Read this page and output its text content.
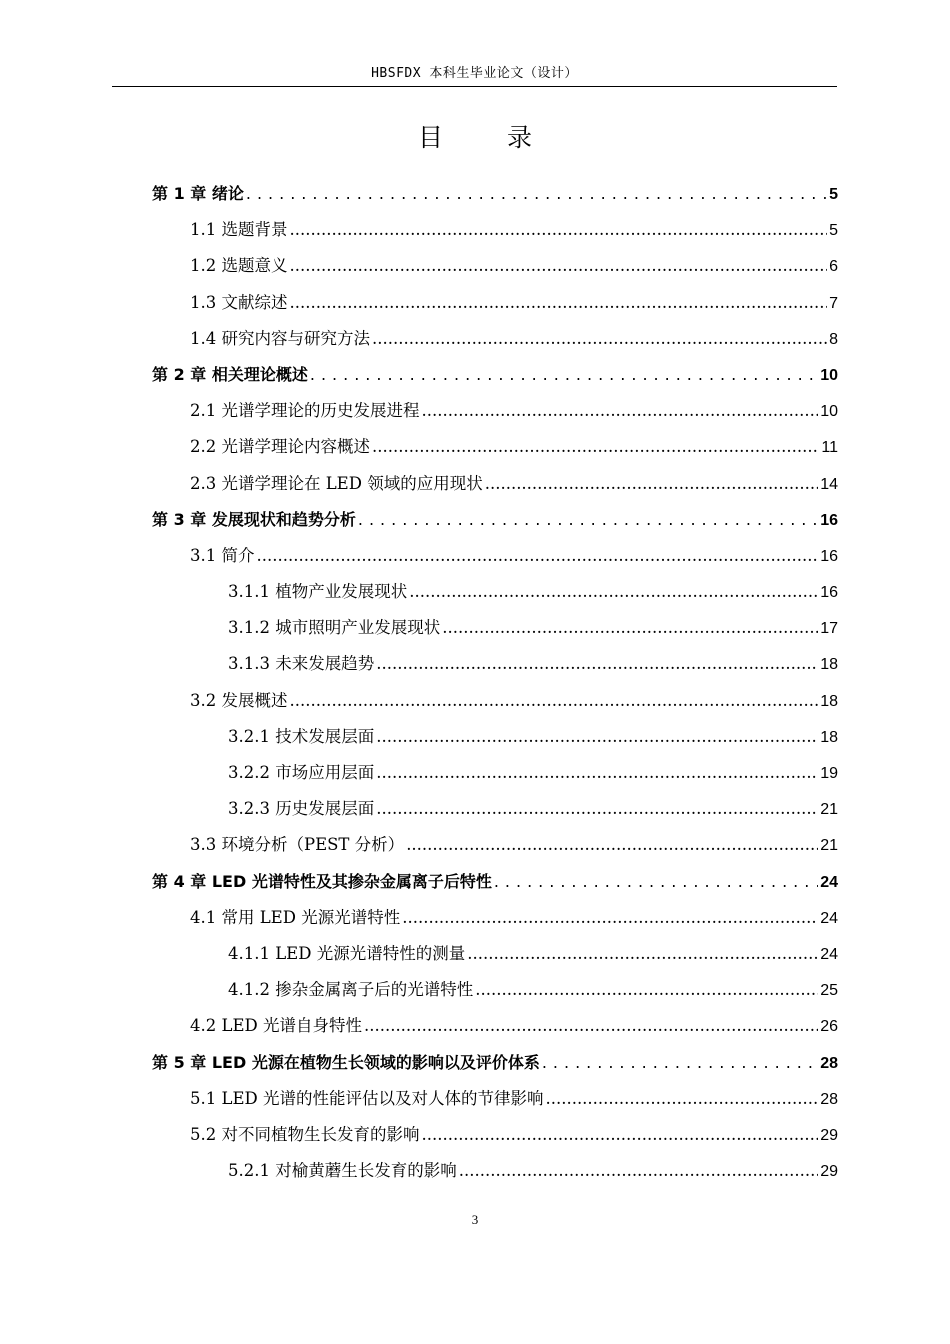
HBSFDX 本科生毕业论文（设计）
目 录
第 1 章 绪论 .....	5
1.1 选题背景 .....	5
1.2 选题意义 .....	6
1.3 文献综述 .....	7
1.4 研究内容与研究方法 .....	8
第 2 章 相关理论概述 .....	10
2.1 光谱学理论的历史发展进程 .....	10
2.2 光谱学理论内容概述 .....	11
2.3 光谱学理论在 LED 领域的应用现状 .....	14
第 3 章 发展现状和趋势分析 .....	16
3.1 简介 .....	16
3.1.1 植物产业发展现状 .....	16
3.1.2 城市照明产业发展现状 .....	17
3.1.3 未来发展趋势 .....	18
3.2 发展概述 .....	18
3.2.1 技术发展层面 .....	18
3.2.2 市场应用层面 .....	19
3.2.3 历史发展层面 .....	21
3.3 环境分析（PEST 分析） .....	21
第 4 章 LED 光谱特性及其掺杂金属离子后特性 .....	24
4.1 常用 LED 光源光谱特性 .....	24
4.1.1 LED 光源光谱特性的测量 .....	24
4.1.2 掺杂金属离子后的光谱特性 .....	25
4.2 LED 光谱自身特性 .....	26
第 5 章 LED 光源在植物生长领域的影响以及评价体系 .....	28
5.1 LED 光谱的性能评估以及对人体的节律影响 .....	28
5.2 对不同植物生长发育的影响 .....	29
5.2.1 对榆黄蘑生长发育的影响 .....	29
3
